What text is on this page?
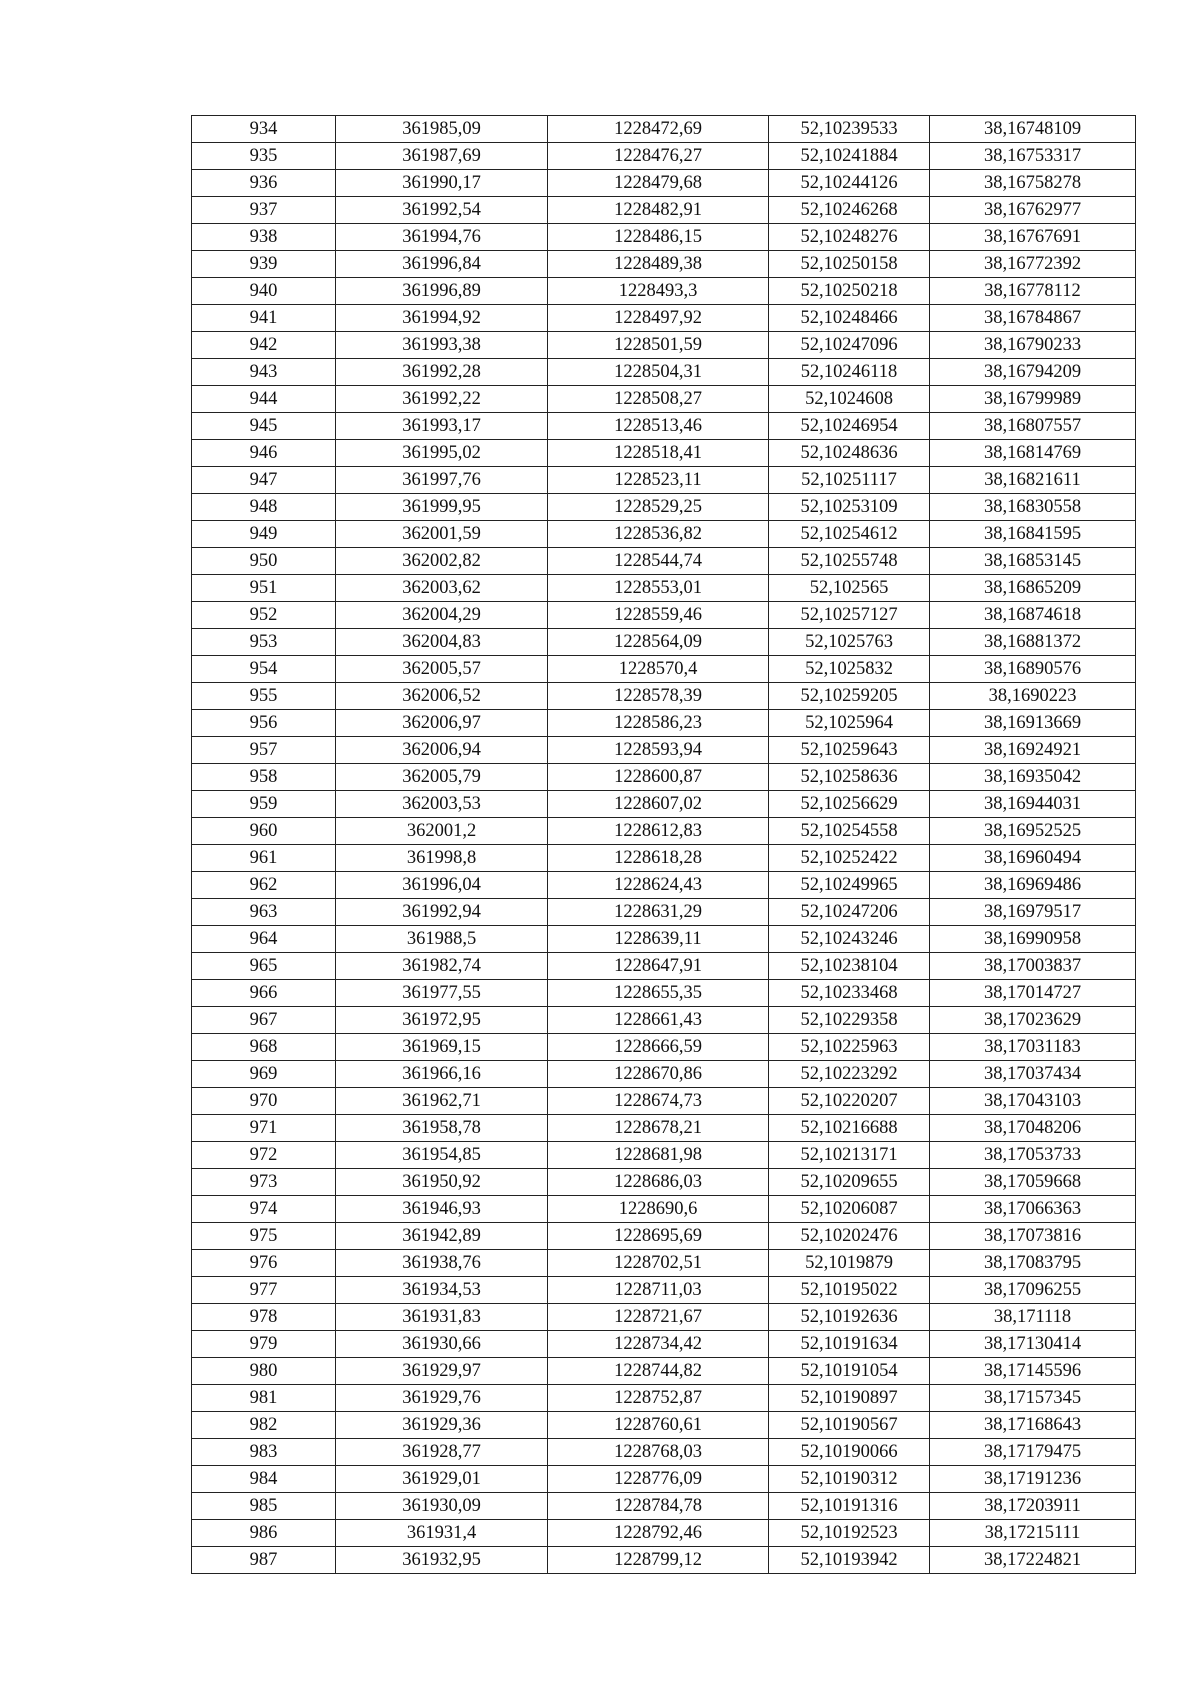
934	361985,09	1228472,69	52,10239533	38,16748109
935	361987,69	1228476,27	52,10241884	38,16753317
936	361990,17	1228479,68	52,10244126	38,16758278
937	361992,54	1228482,91	52,10246268	38,16762977
938	361994,76	1228486,15	52,10248276	38,16767691
939	361996,84	1228489,38	52,10250158	38,16772392
940	361996,89	1228493,3	52,10250218	38,16778112
941	361994,92	1228497,92	52,10248466	38,16784867
942	361993,38	1228501,59	52,10247096	38,16790233
943	361992,28	1228504,31	52,10246118	38,16794209
944	361992,22	1228508,27	52,1024608	38,16799989
945	361993,17	1228513,46	52,10246954	38,16807557
946	361995,02	1228518,41	52,10248636	38,16814769
947	361997,76	1228523,11	52,10251117	38,16821611
948	361999,95	1228529,25	52,10253109	38,16830558
949	362001,59	1228536,82	52,10254612	38,16841595
950	362002,82	1228544,74	52,10255748	38,16853145
951	362003,62	1228553,01	52,102565	38,16865209
952	362004,29	1228559,46	52,10257127	38,16874618
953	362004,83	1228564,09	52,1025763	38,16881372
954	362005,57	1228570,4	52,1025832	38,16890576
955	362006,52	1228578,39	52,10259205	38,1690223
956	362006,97	1228586,23	52,1025964	38,16913669
957	362006,94	1228593,94	52,10259643	38,16924921
958	362005,79	1228600,87	52,10258636	38,16935042
959	362003,53	1228607,02	52,10256629	38,16944031
960	362001,2	1228612,83	52,10254558	38,16952525
961	361998,8	1228618,28	52,10252422	38,16960494
962	361996,04	1228624,43	52,10249965	38,16969486
963	361992,94	1228631,29	52,10247206	38,16979517
964	361988,5	1228639,11	52,10243246	38,16990958
965	361982,74	1228647,91	52,10238104	38,17003837
966	361977,55	1228655,35	52,10233468	38,17014727
967	361972,95	1228661,43	52,10229358	38,17023629
968	361969,15	1228666,59	52,10225963	38,17031183
969	361966,16	1228670,86	52,10223292	38,17037434
970	361962,71	1228674,73	52,10220207	38,17043103
971	361958,78	1228678,21	52,10216688	38,17048206
972	361954,85	1228681,98	52,10213171	38,17053733
973	361950,92	1228686,03	52,10209655	38,17059668
974	361946,93	1228690,6	52,10206087	38,17066363
975	361942,89	1228695,69	52,10202476	38,17073816
976	361938,76	1228702,51	52,1019879	38,17083795
977	361934,53	1228711,03	52,10195022	38,17096255
978	361931,83	1228721,67	52,10192636	38,171118
979	361930,66	1228734,42	52,10191634	38,17130414
980	361929,97	1228744,82	52,10191054	38,17145596
981	361929,76	1228752,87	52,10190897	38,17157345
982	361929,36	1228760,61	52,10190567	38,17168643
983	361928,77	1228768,03	52,10190066	38,17179475
984	361929,01	1228776,09	52,10190312	38,17191236
985	361930,09	1228784,78	52,10191316	38,17203911
986	361931,4	1228792,46	52,10192523	38,17215111
987	361932,95	1228799,12	52,10193942	38,17224821
